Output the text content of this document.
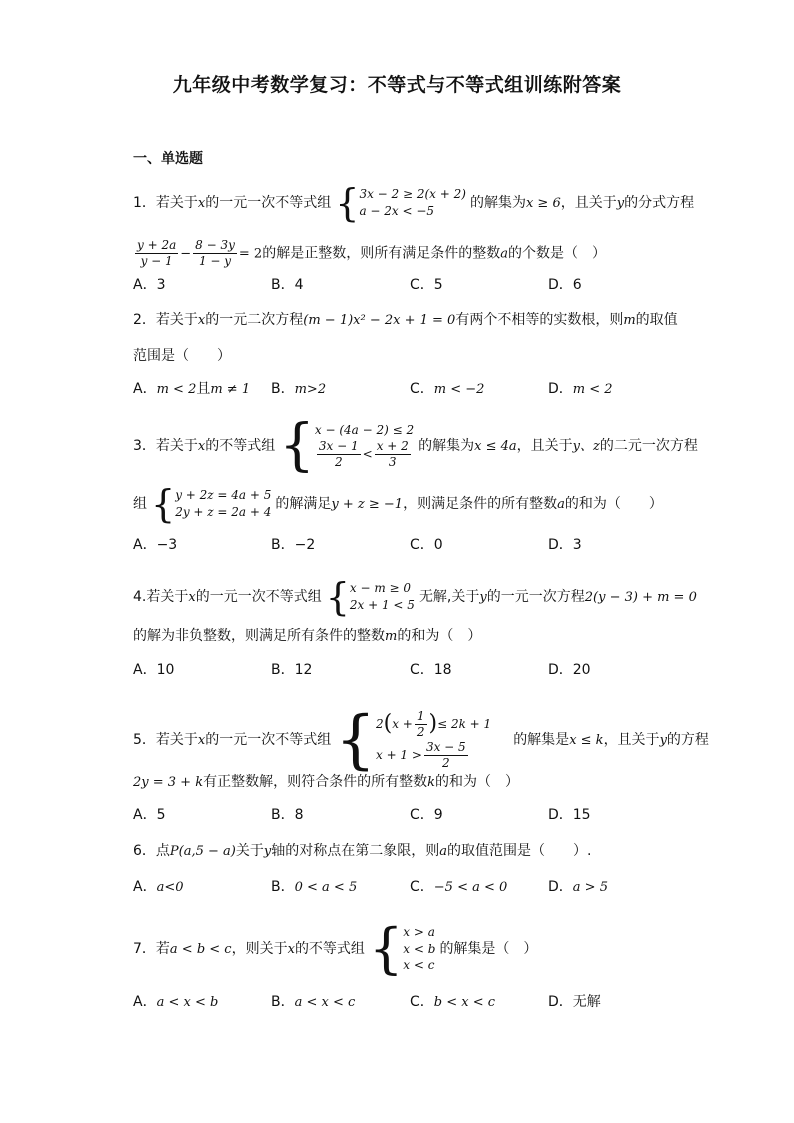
九年级中考数学复习：不等式与不等式组训练附答案
一、单选题
1．若关于x的一元一次不等式组 { 3x − 2 ≥ 2(x + 2)
a − 2x < −5	的解集为x ≥ 6，且关于y的分式方程
$\frac{y + 2a}{y - 1} - \frac{8 - 3y}{1 - y} = 2$的解是正整数，则所有满足条件的整数a的个数是（　）
A．3	B．4	C．5	D．6
2．若关于x的一元二次方程(m − 1)x² − 2x + 1 = 0有两个不相等的实数根，则m的取值
范围是（　　）
A．m < 2且m ≠ 1 B．m>2	C．m < −2	D．m < 2
3．若关于x的不等式组 { x − (4a − 2) ≤ 2
$\frac{3x - 1}{2} < \frac{x + 2}{3}$ 的解集为x ≤ 4a，且关于y、z的二元一次方程
组 { y + 2z = 4a + 5
2y + z = 2a + 4 的解满足y + z ≥ −1，则满足条件的所有整数a的和为（　　）
A．−3	B．−2	C．0	D．3
4.若关于x的一元一次不等式组 { x − m ≥ 0
2x + 1 < 5 无解,关于y的一元一次方程2(y − 3) + m = 0
的解为非负整数，则满足所有条件的整数m的和为（　）
A．10	B．12	C．18	D．20
5．若关于x的一元一次不等式组 { 2 ( $x + \frac{1}{2}$ ) ≤ 2k + 1
$x + 1 > \frac{3x - 5}{2}$	的解集是x ≤ k，且关于y的方程
2y = 3 + k有正整数解，则符合条件的所有整数k的和为（　）
A．5	B．8	C．9	D．15
6．点P(a,5 − a)关于y轴的对称点在第二象限，则a的取值范围是（　　）.
A．a<0	B．0 < a < 5	C．−5 < a < 0	D．a > 5
7．若a < b < c，则关于x的不等式组 { x > a
x < b
x < c
的解集是（　）
A．a < x < b	B．a < x < c	C．b < x < c	D．无解
